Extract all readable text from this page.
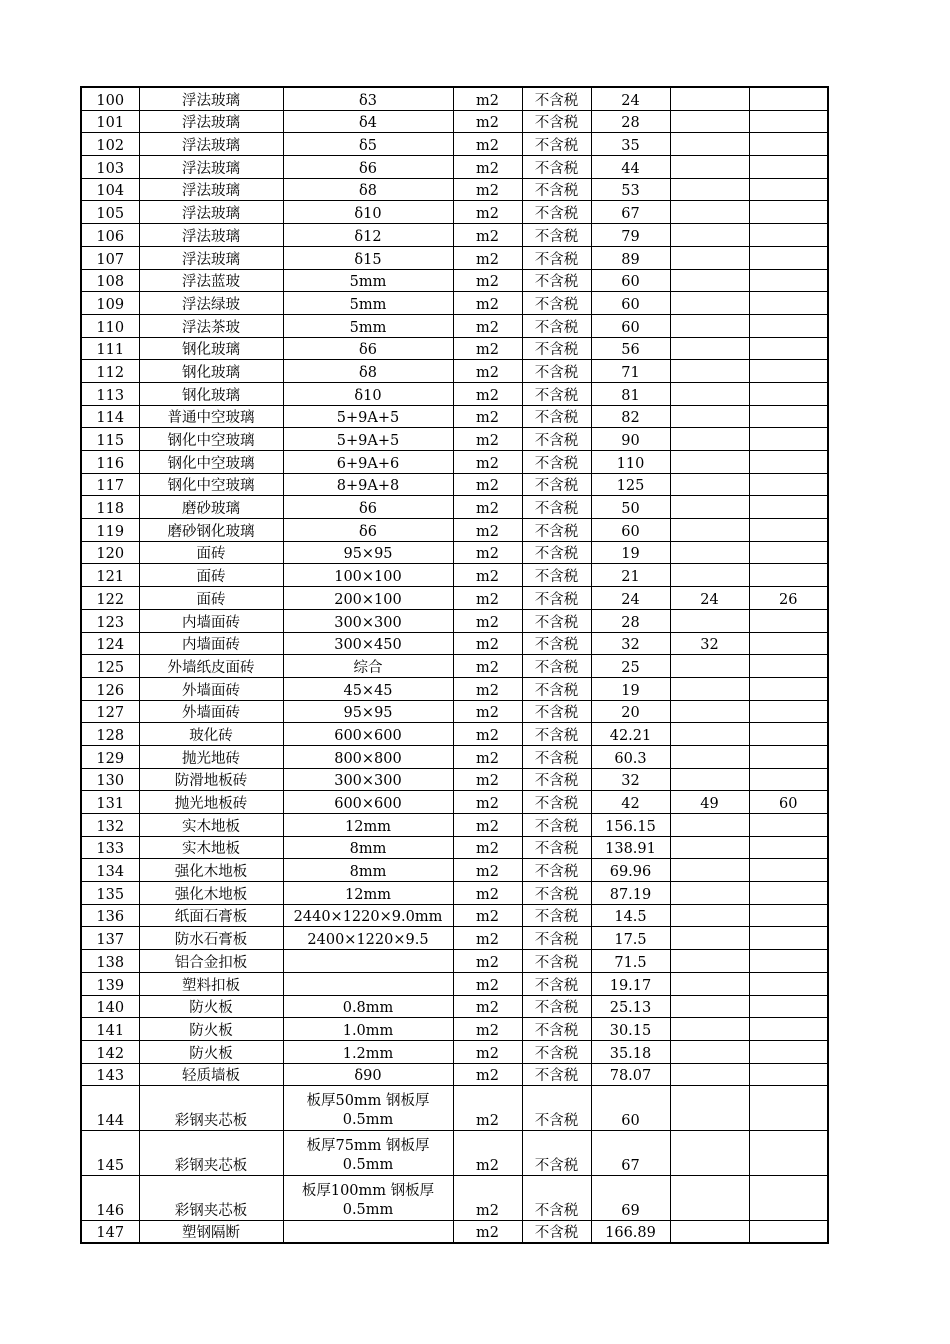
100	浮法玻璃	δ3	m2	不含税	24		
101	浮法玻璃	δ4	m2	不含税	28		
102	浮法玻璃	δ5	m2	不含税	35		
103	浮法玻璃	δ6	m2	不含税	44		
104	浮法玻璃	δ8	m2	不含税	53		
105	浮法玻璃	δ10	m2	不含税	67		
106	浮法玻璃	δ12	m2	不含税	79		
107	浮法玻璃	δ15	m2	不含税	89		
108	浮法蓝玻	5mm	m2	不含税	60		
109	浮法绿玻	5mm	m2	不含税	60		
110	浮法茶玻	5mm	m2	不含税	60		
111	钢化玻璃	δ6	m2	不含税	56		
112	钢化玻璃	δ8	m2	不含税	71		
113	钢化玻璃	δ10	m2	不含税	81		
114	普通中空玻璃	5+9A+5	m2	不含税	82		
115	钢化中空玻璃	5+9A+5	m2	不含税	90		
116	钢化中空玻璃	6+9A+6	m2	不含税	110		
117	钢化中空玻璃	8+9A+8	m2	不含税	125		
118	磨砂玻璃	δ6	m2	不含税	50		
119	磨砂钢化玻璃	δ6	m2	不含税	60		
120	面砖	95×95	m2	不含税	19		
121	面砖	100×100	m2	不含税	21		
122	面砖	200×100	m2	不含税	24	24	26
123	内墙面砖	300×300	m2	不含税	28		
124	内墙面砖	300×450	m2	不含税	32	32	
125	外墙纸皮面砖	综合	m2	不含税	25		
126	外墙面砖	45×45	m2	不含税	19		
127	外墙面砖	95×95	m2	不含税	20		
128	玻化砖	600×600	m2	不含税	42.21		
129	抛光地砖	800×800	m2	不含税	60.3		
130	防滑地板砖	300×300	m2	不含税	32		
131	抛光地板砖	600×600	m2	不含税	42	49	60
132	实木地板	12mm	m2	不含税	156.15		
133	实木地板	8mm	m2	不含税	138.91		
134	强化木地板	8mm	m2	不含税	69.96		
135	强化木地板	12mm	m2	不含税	87.19		
136	纸面石膏板	2440×1220×9.0mm	m2	不含税	14.5		
137	防水石膏板	2400×1220×9.5	m2	不含税	17.5		
138	铝合金扣板		m2	不含税	71.5		
139	塑料扣板		m2	不含税	19.17		
140	防火板	0.8mm	m2	不含税	25.13		
141	防火板	1.0mm	m2	不含税	30.15		
142	防火板	1.2mm	m2	不含税	35.18		
143	轻质墙板	δ90	m2	不含税	78.07		
144	彩钢夹芯板	板厚50mm 钢板厚0.5mm	m2	不含税	60		
145	彩钢夹芯板	板厚75mm 钢板厚0.5mm	m2	不含税	67		
146	彩钢夹芯板	板厚100mm 钢板厚0.5mm	m2	不含税	69		
147	塑钢隔断		m2	不含税	166.89		
